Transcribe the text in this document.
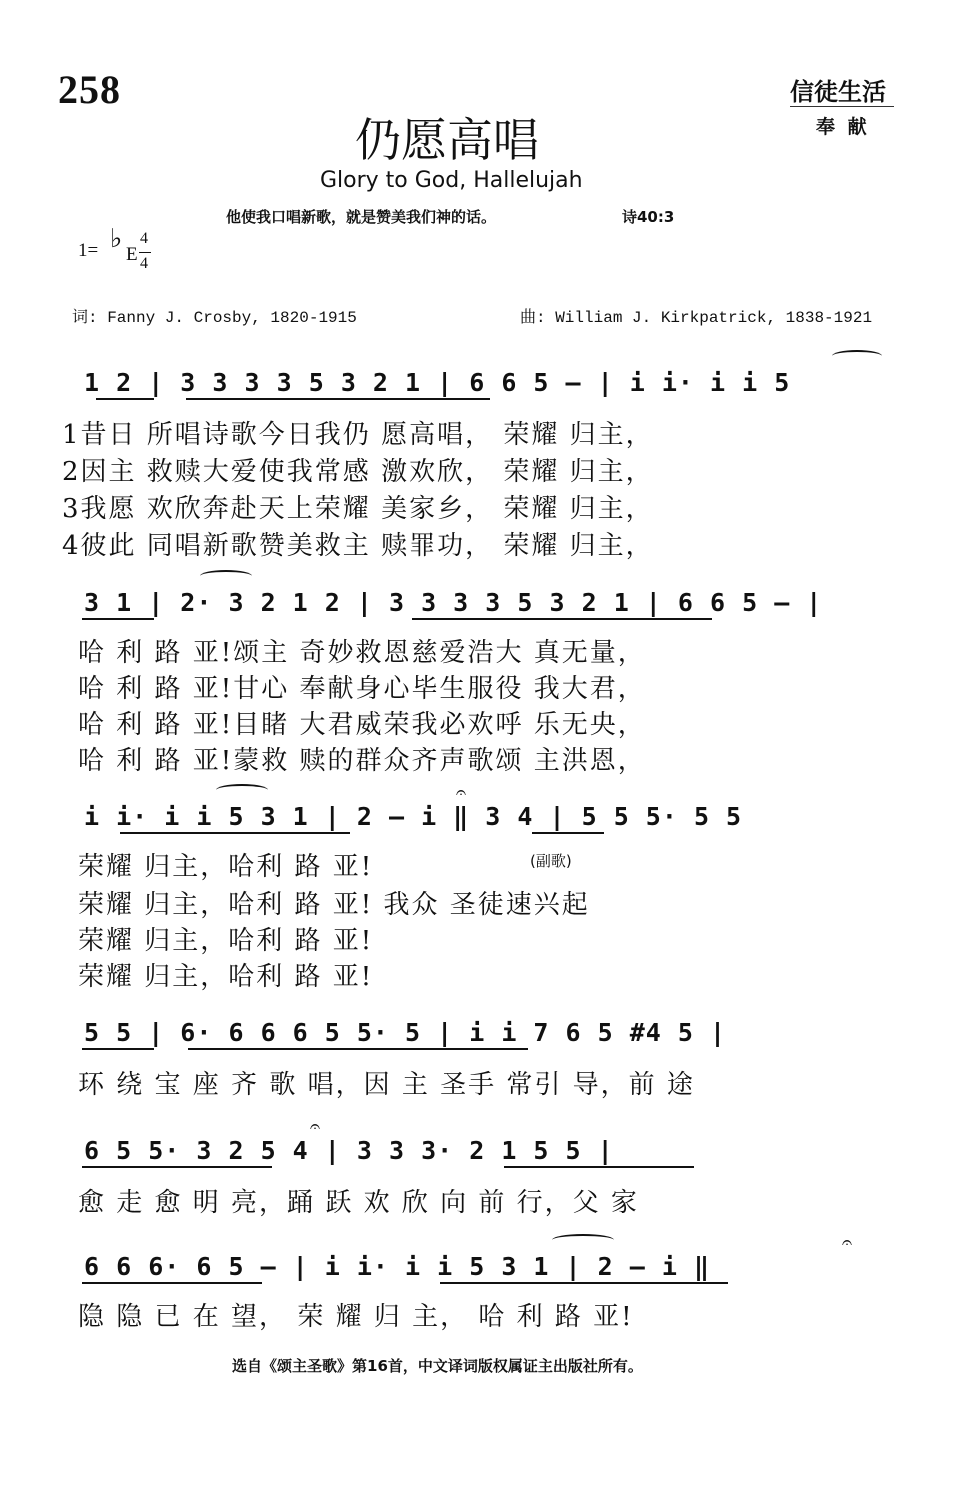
258	信徒生活
奉 献
仍愿高唱
Glory to God, Hallelujah
他使我口唱新歌，就是赞美我们神的话。	诗40:3
1= ♭
E
4
4
词: Fanny J. Crosby, 1820-1915	曲: William J. Kirkpatrick, 1838-1921
1 2 | 3 3 3 3 5 3 2 1 | 6 6 5 – | i i· i i 5
1昔日 所唱诗歌今日我仍 愿高唱， 荣耀 归主，
2因主 救赎大爱使我常感 激欢欣， 荣耀 归主，
3我愿 欢欣奔赴天上荣耀 美家乡， 荣耀 归主，
4彼此 同唱新歌赞美救主 赎罪功， 荣耀 归主，
3 1 | 2· 3 2 1 2 | 3 3 3 3 5 3 2 1 | 6 6 5 – |
哈 利 路 亚!颂主 奇妙救恩慈爱浩大 真无量，
哈 利 路 亚!甘心 奉献身心毕生服役 我大君，
哈 利 路 亚!目睹 大君威荣我必欢呼 乐无央，
哈 利 路 亚!蒙救 赎的群众齐声歌颂 主洪恩，
i i· i i 5 3 1 | 2 – i ‖ 3 4 | 5 5 5· 5 5
𝄐
(副歌)
荣耀 归主，哈利 路 亚!
荣耀 归主，哈利 路 亚! 我众 圣徒速兴起
荣耀 归主，哈利 路 亚!
荣耀 归主，哈利 路 亚!
5 5 | 6· 6 6 6 5 5· 5 | i i 7 6 5 #4 5 |
环 绕 宝 座 齐 歌 唱，因 主 圣手 常引 导，前 途
6 5 5· 3 2 5 4 | 3 3 3· 2 1 5 5 |
𝄐
愈 走 愈 明 亮，踊 跃 欢 欣 向 前 行，父 家
6 6 6· 6 5 – | i i· i i 5 3 1 | 2 – i ‖
𝄐
隐 隐 已 在 望， 荣 耀 归 主， 哈 利 路 亚!
选自《颂主圣歌》第16首，中文译词版权属证主出版社所有。
